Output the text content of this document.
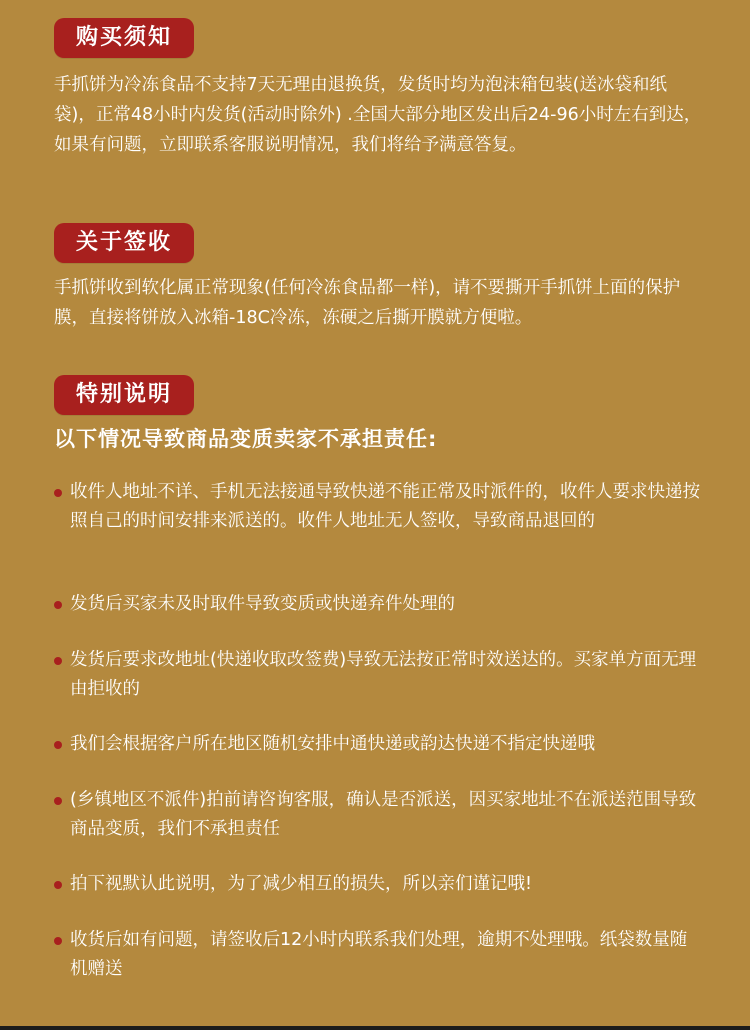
购买须知
手抓饼为冷冻食品不支持7天无理由退换货，发货时均为泡沫箱包装(送冰袋和纸袋)，正常48小时内发货(活动时除外) .全国大部分地区发出后24-96小时左右到达，如果有问题，立即联系客服说明情况，我们将给予满意答复。
关于签收
手抓饼收到软化属正常现象(任何冷冻食品都一样)，请不要撕开手抓饼上面的保护膜，直接将饼放入冰箱-18C冷冻，冻硬之后撕开膜就方便啦。
特别说明
以下情况导致商品变质卖家不承担责任:
收件人地址不详、手机无法接通导致快递不能正常及时派件的，收件人要求快递按照自己的时间安排来派送的。收件人地址无人签收，导致商品退回的
发货后买家未及时取件导致变质或快递弃件处理的
发货后要求改地址(快递收取改签费)导致无法按正常时效送达的。买家单方面无理由拒收的
我们会根据客户所在地区随机安排中通快递或韵达快递不指定快递哦
(乡镇地区不派件)拍前请咨询客服，确认是否派送，因买家地址不在派送范围导致商品变质，我们不承担责任
拍下视默认此说明，为了减少相互的损失，所以亲们谨记哦!
收货后如有问题，请签收后12小时内联系我们处理，逾期不处理哦。纸袋数量随机赠送
